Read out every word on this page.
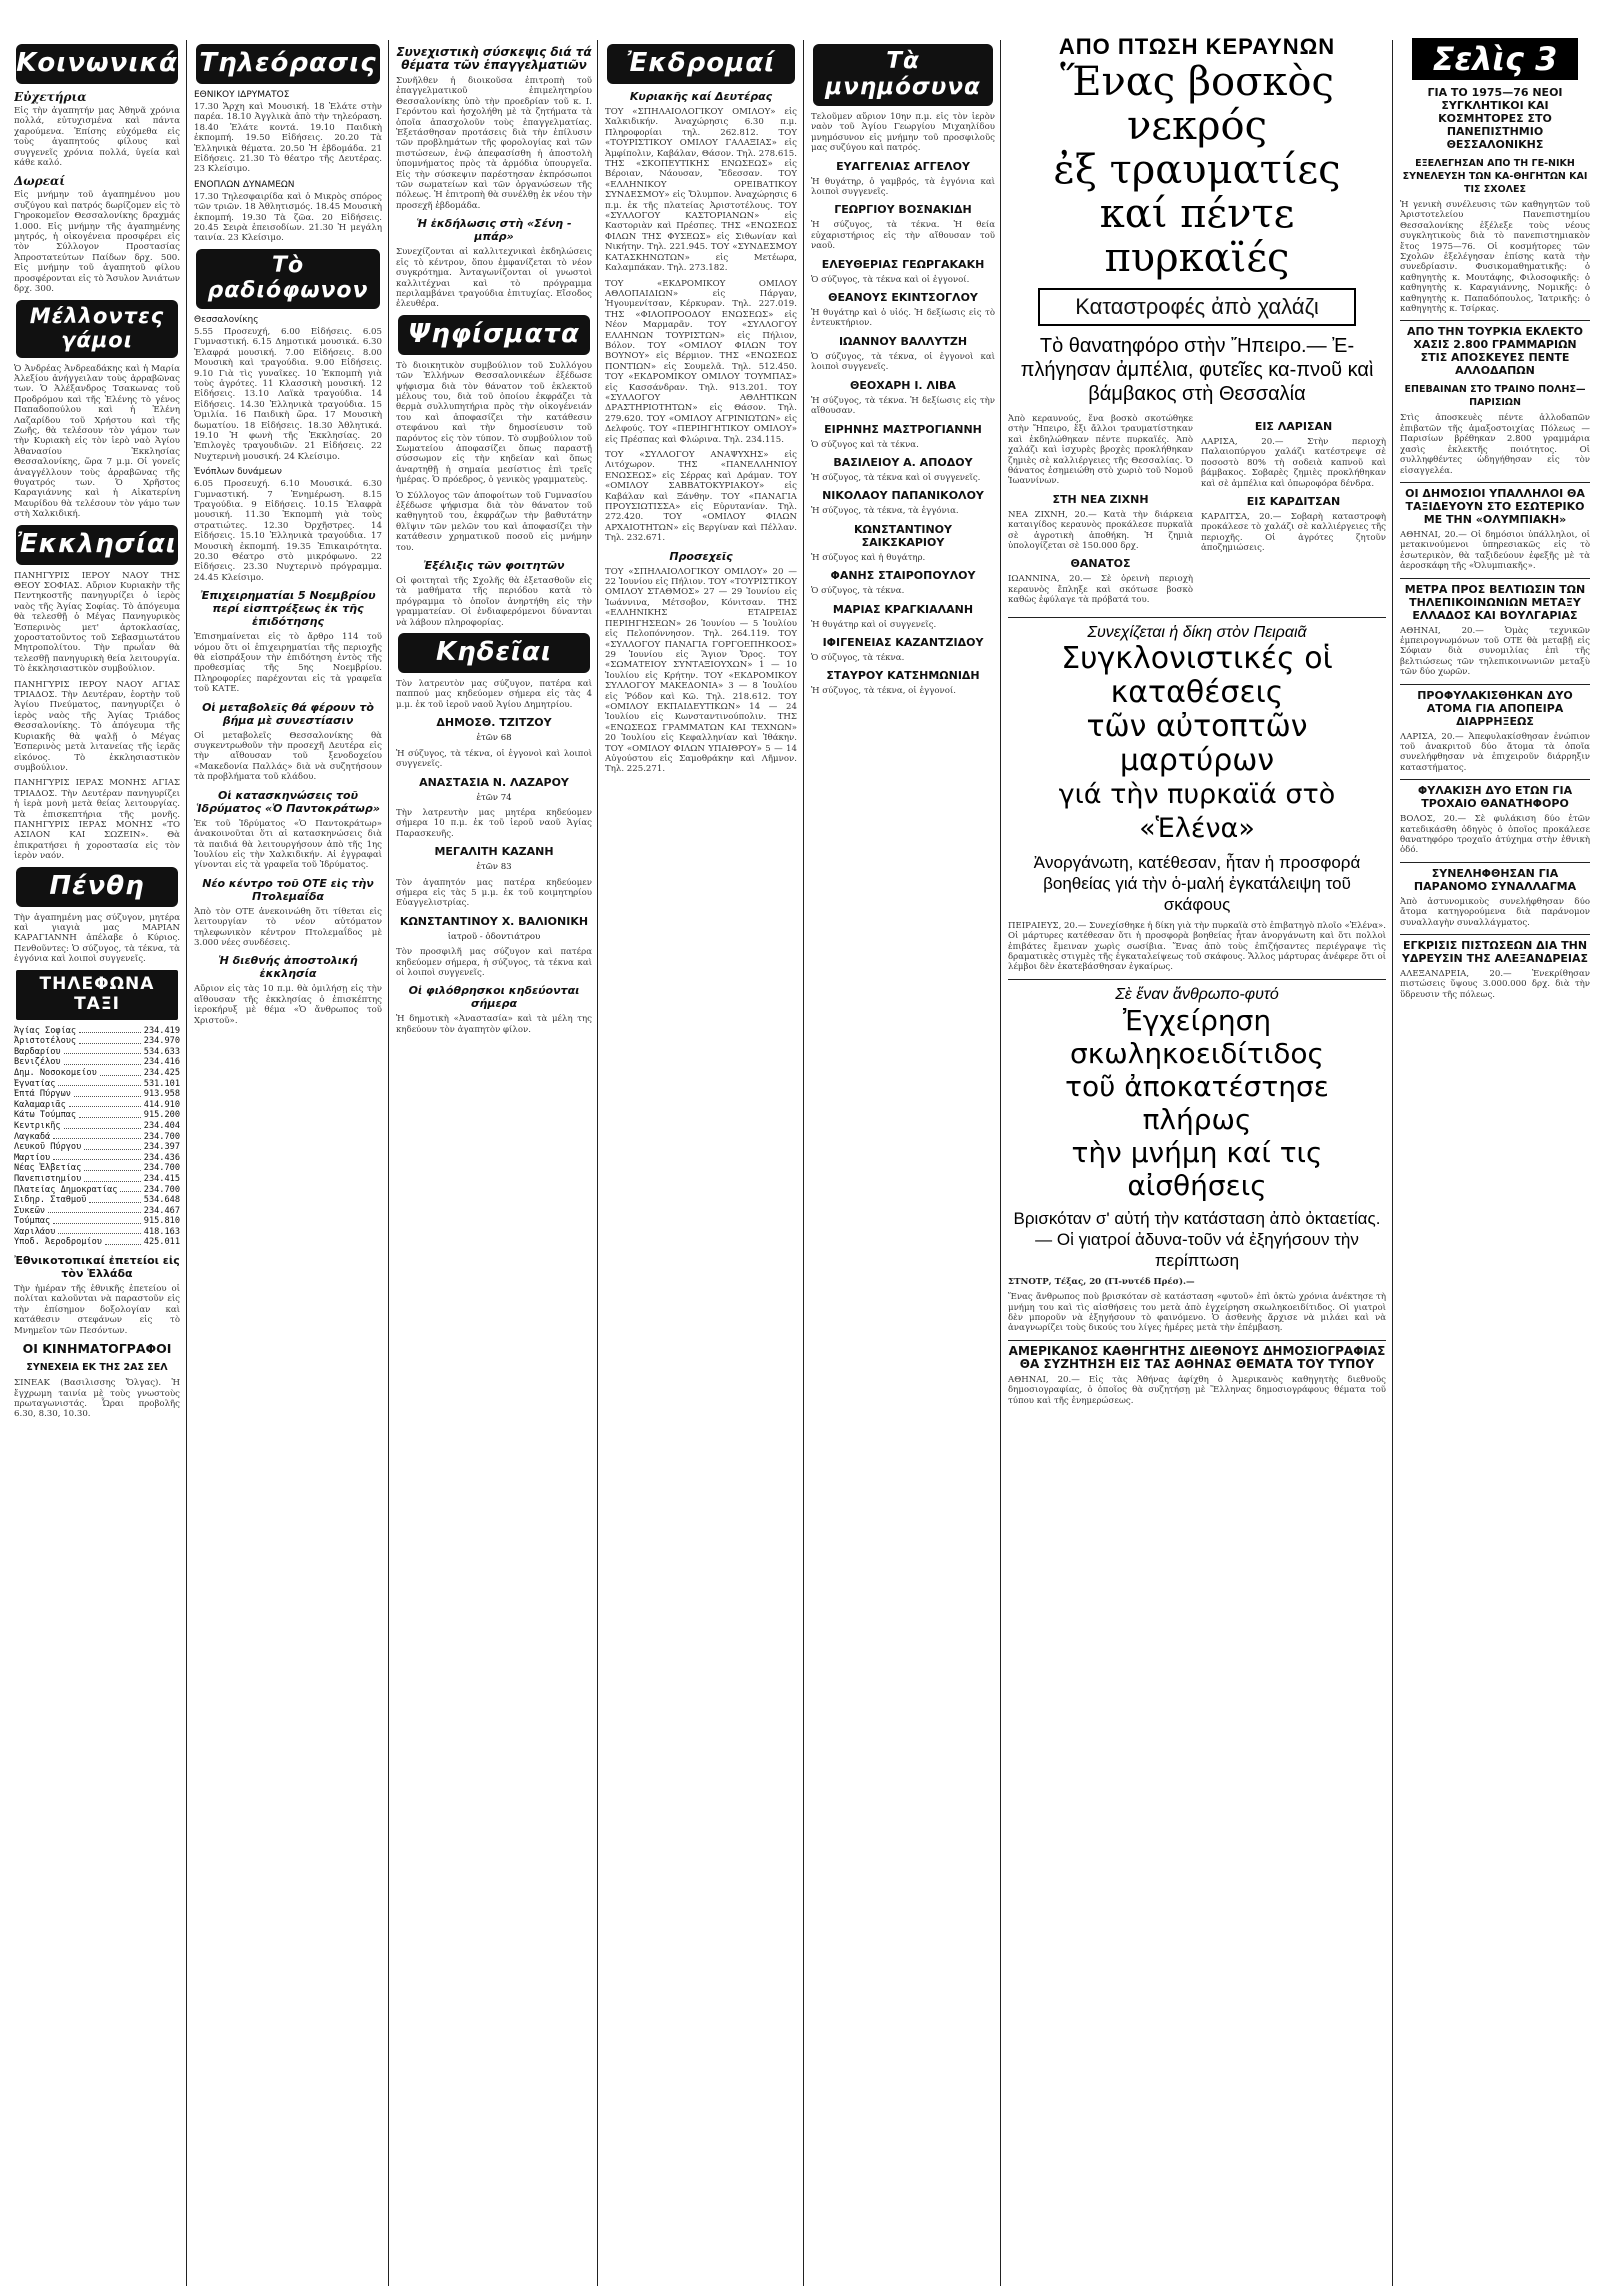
Κοινωνικά
Εὐχετήρια

Εἰς τὴν ἀγαπητήν μας Ἀθηνᾶ χρόνια πολλά, εὐτυχισμένα καὶ πάντα χαρούμενα. Ἐπίσης εὐχόμεθα εἰς τοὺς ἀγαπητούς φίλους καὶ συγγενεῖς χρόνια πολλά, ὑγεία καὶ κάθε καλό.

Δωρεαί

Εἰς μνήμην τοῦ ἀγαπημένου μου συζύγου καὶ πατρός δωρίζομεν εἰς τὸ Γηροκομεῖον Θεσσαλονίκης δραχμάς 1.000. Εἰς μνήμην τῆς ἀγαπημένης μητρός, ἡ οἰκογένεια προσφέρει εἰς τὸν Σύλλογον Προστασίας Ἀπροστατεύτων Παίδων δρχ. 500. Εἰς μνήμην τοῦ ἀγαπητοῦ φίλου προσφέρονται εἰς τὸ Ἄσυλον Ἀνιάτων δρχ. 300.

Μέλλοντες γάμοι

Ὁ Ἀνδρέας Ἀνδρεαδάκης καὶ ἡ Μαρία Ἀλεξίου ἀνήγγειλαν τοὺς ἀρραβῶνας των. Ὁ Ἀλέξανδρος Τσακωνας τοῦ Προδρόμου καὶ τῆς Ἑλένης τὸ γένος Παπαδοπούλου καὶ ἡ Ἑλένη Λαζαρίδου τοῦ Χρήστου καὶ τῆς Ζωῆς, θὰ τελέσουν τὸν γάμον των τὴν Κυριακὴ εἰς τὸν ἱερὸ ναὸ Ἁγίου Ἀθανασίου Ἐκκλησίας Θεσσαλονίκης, ὥρα 7 μ.μ. Οἱ γονεῖς ἀναγγέλλουν τοὺς ἀρραβῶνας τῆς θυγατρός των. Ὁ Χρῆστος Καραγιάννης καὶ ἡ Αἰκατερίνη Μαυρίδου θὰ τελέσουν τὸν γάμο των στὴ Χαλκιδική.

Ἐκκλησίαι

ΠΑΝΗΓΥΡΙΣ ΙΕΡΟΥ ΝΑΟΥ ΤΗΣ ΘΕΟΥ ΣΟΦΙΑΣ. Αὔριον Κυριακὴν τῆς Πεντηκοστῆς πανηγυρίζει ὁ ἱερὸς ναὸς τῆς Ἁγίας Σοφίας. Τὸ ἀπόγευμα θὰ τελεσθῇ ὁ Μέγας Πανηγυρικὸς Ἑσπερινὸς μετ' ἀρτοκλασίας, χοροστατοῦντος τοῦ Σεβασμιωτάτου Μητροπολίτου. Τὴν πρωΐαν θὰ τελεσθῇ πανηγυρικὴ θεία λειτουργία. Τὸ ἐκκλησιαστικὸν συμβούλιον.

ΠΑΝΗΓΥΡΙΣ ΙΕΡΟΥ ΝΑΟΥ ΑΓΙΑΣ ΤΡΙΑΔΟΣ. Τὴν Δευτέραν, ἑορτὴν τοῦ Ἁγίου Πνεύματος, πανηγυρίζει ὁ ἱερὸς ναὸς τῆς Ἁγίας Τριάδος Θεσσαλονίκης. Τὸ ἀπόγευμα τῆς Κυριακῆς θὰ ψαλῇ ὁ Μέγας Ἑσπερινὸς μετὰ λιτανείας τῆς ἱερᾶς εἰκόνος. Τὸ ἐκκλησιαστικὸν συμβούλιον.

ΠΑΝΗΓΥΡΙΣ ΙΕΡΑΣ ΜΟΝΗΣ ΑΓΙΑΣ ΤΡΙΑΔΟΣ. Τὴν Δευτέραν πανηγυρίζει ἡ ἱερὰ μονὴ μετὰ θείας λειτουργίας. Τὰ ἐπισκεπτήρια τῆς μονῆς. ΠΑΝΗΓΥΡΙΣ ΙΕΡΑΣ ΜΟΝΗΣ «ΤΟ ΑΣΙΛΟΝ ΚΑΙ ΣΩΖΕΙΝ». Θὰ ἐπικρατήσει ἡ χοροστασία εἰς τὸν ἱερὸν ναόν.

Πένθη

Τὴν ἀγαπημένη μας σύζυγον, μητέρα καὶ γιαγιὰ μας ΜΑΡΙΑΝ ΚΑΡΑΓΙΑΝΝΗ ἀπέλαβε ὁ Κύριος. Πενθοῦντες: Ὁ σύζυγος, τὰ τέκνα, τὰ ἐγγόνια καὶ λοιποὶ συγγενεῖς.

ΤΗΛΕΦΩΝΑ ΤΑΞΙ
Ἁγίας Σοφίας	234.419
Ἀριστοτέλους	234.970
Βαρδαρίου	534.633
Βενιζέλου	234.416
Δημ. Νοσοκομείου	234.425
Ἐγνατίας	531.101
Ἑπτά Πύργων	913.958
Καλαμαριᾶς	414.910
Κάτω Τούμπας	915.200
Κεντρικῆς	234.404
Λαγκαδά	234.700
Λευκοῦ Πύργου	234.397
Μαρτίου	234.436
Νέας Ἐλβετίας	234.700
Πανεπιστημίου	234.415
Πλατείας Δημοκρατίας	234.700
Σιδηρ. Σταθμοῦ	534.648
Συκεῶν	234.467
Τούμπας	915.810
Χαριλάου	418.163
Ὑποδ. Ἀεροδρομίου	425.011
Ἐθνικοτοπικαί ἐπετείοι εἰς τὸν Ἑλλάδα

Τὴν ἡμέραν τῆς ἐθνικῆς ἐπετείου οἱ πολίται καλοῦνται νὰ παραστοῦν εἰς τὴν ἐπίσημον δοξολογίαν καὶ κατάθεσιν στεφάνων εἰς τὸ Μνημεῖον τῶν Πεσόντων.

ΟΙ ΚΙΝΗΜΑΤΟΓΡΑΦΟΙ
ΣΥΝΕΧΕΙΑ ΕΚ ΤΗΣ 2ΑΣ ΣΕΛ

ΣΙΝΕΑΚ (Βασιλισσης Ὄλγας). Ἡ ἔγχρωμη ταινία μὲ τοὺς γνωστοὺς πρωταγωνιστάς. Ὧραι προβολῆς 6.30, 8.30, 10.30.

Τηλεόρασις
ΕΘΝΙΚΟΥ ΙΔΡΥΜΑΤΟΣ

17.30 Ἄρχη καὶ Μουσική. 18 Ἐλάτε στὴν παρέα. 18.10 Ἀγγλικὰ ἀπὸ τὴν τηλεόραση. 18.40 Ἐλάτε κοντά. 19.10 Παιδικὴ ἐκπομπή. 19.50 Εἰδήσεις. 20.20 Τὰ Ἑλληνικὰ θέματα. 20.50 Ἡ ἐβδομάδα. 21 Εἰδήσεις. 21.30 Τὸ θέατρο τῆς Δευτέρας. 23 Κλείσιμο.

ΕΝΟΠΛΩΝ ΔΥΝΑΜΕΩΝ

17.30 Τηλεσφαιρίδα καὶ ὁ Μικρὸς σπόρος τῶν τριῶν. 18 Ἀθλητισμός. 18.45 Μουσικὴ ἐκπομπή. 19.30 Τὰ ζῶα. 20 Εἰδήσεις. 20.45 Σειρὰ ἐπεισοδίων. 21.30 Ἡ μεγάλη ταινία. 23 Κλείσιμο.

Τὸ ραδιόφωνον
Θεσσαλονίκης

5.55 Προσευχή, 6.00 Εἰδήσεις. 6.05 Γυμναστική. 6.15 Δημοτικά μουσικά. 6.30 Ἐλαφρά μουσική. 7.00 Εἰδήσεις. 8.00 Μουσικὴ καὶ τραγούδια. 9.00 Εἰδήσεις. 9.10 Γιὰ τὶς γυναῖκες. 10 Ἐκπομπὴ γιὰ τοὺς ἀγρότες. 11 Κλασσικὴ μουσική. 12 Εἰδήσεις. 13.10 Λαϊκὰ τραγούδια. 14 Εἰδήσεις. 14.30 Ἐλληνικὰ τραγούδια. 15 Ὁμιλία. 16 Παιδικὴ ὥρα. 17 Μουσικὴ δωματίου. 18 Εἰδήσεις. 18.30 Ἀθλητικά. 19.10 Ἡ φωνὴ τῆς Ἐκκλησίας. 20 Ἐπιλογὲς τραγουδιῶν. 21 Εἰδήσεις. 22 Νυχτερινὴ μουσική. 24 Κλείσιμο.

Ἐνόπλων δυνάμεων

6.05 Προσευχή. 6.10 Μουσικά. 6.30 Γυμναστική. 7 Ἐνημέρωση. 8.15 Τραγούδια. 9 Εἰδήσεις. 10.15 Ἐλαφρὰ μουσική. 11.30 Ἐκπομπὴ γιὰ τοὺς στρατιώτες. 12.30 Ὀρχῆστρες. 14 Εἰδήσεις. 15.10 Ἐλληνικὰ τραγούδια. 17 Μουσικὴ ἐκπομπή. 19.35 Ἐπικαιρότητα. 20.30 Θέατρο στὸ μικρόφωνο. 22 Εἰδήσεις. 23.30 Νυχτερινὸ πρόγραμμα. 24.45 Κλείσιμο.

Ἐπιχειρηματίαι 5 Νοεμβρίου περί εἰσπτρέξεως ἐκ τῆς ἐπιδότησης

Ἐπισημαίνεται εἰς τὸ ἄρθρο 114 τοῦ νόμου ὅτι οἱ ἐπιχειρηματίαι τῆς περιοχῆς θὰ εἰσπράξουν τὴν ἐπιδότηση ἐντὸς τῆς προθεσμίας τῆς 5ης Νοεμβρίου. Πληροφορίες παρέχονται εἰς τὰ γραφεῖα τοῦ ΚΑΤΕ.

Οἱ μεταβολεῖς θά φέρουν τὸ βήμα μὲ συνεστίασιν

Οἱ μεταβολεῖς Θεσσαλονίκης θὰ συγκεντρωθοῦν τὴν προσεχῆ Δευτέρα εἰς τὴν αἴθουσαν τοῦ ξενοδοχείου «Μακεδονία Παλλάς» διὰ νὰ συζητήσουν τὰ προβλήματα τοῦ κλάδου.

Οἱ κατασκηνώσεις τοῦ Ἱδρύματος «Ὁ Παντοκράτωρ»

Ἐκ τοῦ Ἱδρύματος «Ὁ Παντοκράτωρ» ἀνακοινοῦται ὅτι αἱ κατασκηνώσεις διὰ τὰ παιδιά θὰ λειτουργήσουν ἀπὸ τῆς 1ης Ἰουλίου εἰς τὴν Χαλκιδικήν. Αἱ ἐγγραφαὶ γίνονται εἰς τὰ γραφεῖα τοῦ Ἱδρύματος.

Νέο κέντρο τοῦ ΟΤΕ εἰς τὴν Πτολεμαΐδα

Ἀπὸ τὸν ΟΤΕ ἀνεκοινώθη ὅτι τίθεται εἰς λειτουργίαν τὸ νέον αὐτόματον τηλεφωνικὸν κέντρον Πτολεμαΐδος μὲ 3.000 νέες συνδέσεις.

Ἡ διεθνής ἀποστολική ἐκκλησία

Αὔριον εἰς τὰς 10 π.μ. θὰ ὁμιλήσῃ εἰς τὴν αἴθουσαν τῆς ἐκκλησίας ὁ ἐπισκέπτης ἱεροκήρυξ μὲ θέμα «Ὁ ἄνθρωπος τοῦ Χριστοῦ».

Συνεχιστικὴ σύσκεψις διά τά θέματα τῶν ἐπαγγελματιῶν

Συνῆλθεν ἡ διοικοῦσα ἐπιτροπὴ τοῦ ἐπαγγελματικοῦ ἐπιμελητηρίου Θεσσαλονίκης ὑπὸ τὴν προεδρίαν τοῦ κ. Ι. Γερόντου καὶ ἠσχολήθη μὲ τὰ ζητήματα τὰ ὁποῖα ἀπασχολοῦν τοὺς ἐπαγγελματίας. Ἐξετάσθησαν προτάσεις διὰ τὴν ἐπίλυσιν τῶν προβλημάτων τῆς φορολογίας καὶ τῶν πιστώσεων, ἐνῷ ἀπεφασίσθη ἡ ἀποστολὴ ὑπομνήματος πρὸς τὰ ἁρμόδια ὑπουργεῖα. Εἰς τὴν σύσκεψιν παρέστησαν ἐκπρόσωποι τῶν σωματείων καὶ τῶν ὀργανώσεων τῆς πόλεως. Ἡ ἐπιτροπὴ θὰ συνέλθῃ ἐκ νέου τὴν προσεχῆ ἑβδομάδα.

Ἡ ἐκδήλωσις στὴ «Σένη - μπάρ»

Συνεχίζονται αἱ καλλιτεχνικαὶ ἐκδηλώσεις εἰς τὸ κέντρον, ὅπου ἐμφανίζεται τὸ νέον συγκρότημα. Ἀνταγωνίζονται οἱ γνωστοὶ καλλιτέχναι καὶ τὸ πρόγραμμα περιλαμβάνει τραγούδια ἐπιτυχίας. Εἴσοδος ἐλευθέρα.

Ψηφίσματα

Τὸ διοικητικὸν συμβούλιον τοῦ Συλλόγου τῶν Ἑλλήνων Θεσσαλονικέων ἐξέδωσε ψήφισμα διὰ τὸν θάνατον τοῦ ἐκλεκτοῦ μέλους του, διὰ τοῦ ὁποίου ἐκφράζει τὰ θερμὰ συλλυπητήρια πρὸς τὴν οἰκογένειάν του καὶ ἀποφασίζει τὴν κατάθεσιν στεφάνου καὶ τὴν δημοσίευσιν τοῦ παρόντος εἰς τὸν τύπον. Τὸ συμβούλιον τοῦ Σωματείου ἀποφασίζει ὅπως παραστῇ σύσσωμον εἰς τὴν κηδείαν καὶ ὅπως ἀναρτηθῇ ἡ σημαία μεσίστιος ἐπὶ τρεῖς ἡμέρας. Ὁ πρόεδρος, ὁ γενικὸς γραμματεὺς.

Ὁ Σύλλογος τῶν ἀποφοίτων τοῦ Γυμνασίου ἐξέδωσε ψήφισμα διὰ τὸν θάνατον τοῦ καθηγητοῦ του, ἐκφράζων τὴν βαθυτάτην θλῖψιν τῶν μελῶν του καὶ ἀποφασίζει τὴν κατάθεσιν χρηματικοῦ ποσοῦ εἰς μνήμην του.

Ἐξέλιξις τῶν φοιτητῶν

Οἱ φοιτηταὶ τῆς Σχολῆς θὰ ἐξετασθοῦν εἰς τὰ μαθήματα τῆς περιόδου κατὰ τὸ πρόγραμμα τὸ ὁποῖον ἀνηρτήθη εἰς τὴν γραμματείαν. Οἱ ἐνδιαφερόμενοι δύνανται νὰ λάβουν πληροφορίας.

Κηδεῖαι

Τὸν λατρευτὸν μας σύζυγον, πατέρα καὶ παππού μας κηδεύομεν σήμερα εἰς τὰς 4 μ.μ. ἐκ τοῦ ἱεροῦ ναοῦ Ἁγίου Δημητρίου.

ΔΗΜΟΣΘ. ΤΖΙΤΖΟΥ
ἐτῶν 68

Ἡ σύζυγος, τὰ τέκνα, οἱ ἐγγονοὶ καὶ λοιποὶ συγγενεῖς.

ΑΝΑΣΤΑΣΙΑ Ν. ΛΑΖΑΡΟΥ
ἐτῶν 74

Τὴν λατρευτὴν μας μητέρα κηδεύομεν σήμερα 10 π.μ. ἐκ τοῦ ἱεροῦ ναοῦ Ἁγίας Παρασκευῆς.

ΜΕΓΑΛΙΤΗ ΚΑΖΑΝΗ
ἐτῶν 83

Τὸν ἀγαπητόν μας πατέρα κηδεύομεν σήμερα εἰς τὰς 5 μ.μ. ἐκ τοῦ κοιμητηρίου Εὐαγγελιστρίας.

ΚΩΝΣΤΑΝΤΙΝΟΥ Χ. ΒΑΛΙΟΝΙΚΗ
ἰατροῦ - ὀδοντιάτρου

Τὸν προσφιλῆ μας σύζυγον καὶ πατέρα κηδεύομεν σήμερα, ἡ σύζυγος, τὰ τέκνα καὶ οἱ λοιποὶ συγγενεῖς.

Οἱ φιλόθρησκοι κηδεύονται σήμερα

Ἡ δημοτικὴ «Ἀναστασία» καὶ τὰ μέλη της κηδεύουν τὸν ἀγαπητὸν φίλον.

Ἐκδρομαί
Κυριακῆς καί Δευτέρας

ΤΟΥ «ΣΠΗΛΑΙΟΛΟΓΙΚΟΥ ΟΜΙΛΟΥ» εἰς Χαλκιδικήν. Ἀναχώρησις 6.30 π.μ. Πληροφορίαι τηλ. 262.812. ΤΟΥ «ΤΟΥΡΙΣΤΙΚΟΥ ΟΜΙΛΟΥ ΓΑΛΑΞΙΑΣ» εἰς Ἀμφίπολιν, Καβάλαν, Θάσον. Τηλ. 278.615. ΤΗΣ «ΣΚΟΠΕΥΤΙΚΗΣ ΕΝΩΣΕΩΣ» εἰς Βέροιαν, Νάουσαν, Ἔδεσσαν. ΤΟΥ «ΕΛΛΗΝΙΚΟΥ ΟΡΕΙΒΑΤΙΚΟΥ ΣΥΝΔΕΣΜΟΥ» εἰς Ὄλυμπον. Ἀναχώρησις 6 π.μ. ἐκ τῆς πλατείας Ἀριστοτέλους. ΤΟΥ «ΣΥΛΛΟΓΟΥ ΚΑΣΤΟΡΙΑΝΩΝ» εἰς Καστοριὰν καὶ Πρέσπες. ΤΗΣ «ΕΝΩΣΕΩΣ ΦΙΛΩΝ ΤΗΣ ΦΥΣΕΩΣ» εἰς Σιθωνίαν καὶ Νικήτην. Τηλ. 221.945. ΤΟΥ «ΣΥΝΔΕΣΜΟΥ ΚΑΤΑΣΚΗΝΩΤΩΝ» εἰς Μετέωρα, Καλαμπάκαν. Τηλ. 273.182.

ΤΟΥ «ΕΚΔΡΟΜΙΚΟΥ ΟΜΙΛΟΥ ΑΘΛΟΠΑΙΔΙΩΝ» εἰς Πάργαν, Ἠγουμενίτσαν, Κέρκυραν. Τηλ. 227.019. ΤΗΣ «ΦΙΛΟΠΡΟΟΔΟΥ ΕΝΩΣΕΩΣ» εἰς Νέον Μαρμαρᾶν. ΤΟΥ «ΣΥΛΛΟΓΟΥ ΕΛΛΗΝΩΝ ΤΟΥΡΙΣΤΩΝ» εἰς Πήλιον, Βόλον. ΤΟΥ «ΟΜΙΛΟΥ ΦΙΛΩΝ ΤΟΥ ΒΟΥΝΟΥ» εἰς Βέρμιον. ΤΗΣ «ΕΝΩΣΕΩΣ ΠΟΝΤΙΩΝ» εἰς Σουμελᾶ. Τηλ. 512.450. ΤΟΥ «ΕΚΔΡΟΜΙΚΟΥ ΟΜΙΛΟΥ ΤΟΥΜΠΑΣ» εἰς Κασσάνδραν. Τηλ. 913.201. ΤΟΥ «ΣΥΛΛΟΓΟΥ ΑΘΛΗΤΙΚΩΝ ΔΡΑΣΤΗΡΙΟΤΗΤΩΝ» εἰς Θάσον. Τηλ. 279.620. ΤΟΥ «ΟΜΙΛΟΥ ΑΓΡΙΝΙΩΤΩΝ» εἰς Δελφούς. ΤΟΥ «ΠΕΡΙΗΓΗΤΙΚΟΥ ΟΜΙΛΟΥ» εἰς Πρέσπας καὶ Φλώρινα. Τηλ. 234.115.

ΤΟΥ «ΣΥΛΛΟΓΟΥ ΑΝΑΨΥΧΗΣ» εἰς Λιτόχωρον. ΤΗΣ «ΠΑΝΕΛΛΗΝΙΟΥ ΕΝΩΣΕΩΣ» εἰς Σέρρας καὶ Δράμαν. ΤΟΥ «ΟΜΙΛΟΥ ΣΑΒΒΑΤΟΚΥΡΙΑΚΟΥ» εἰς Καβάλαν καὶ Ξάνθην. ΤΟΥ «ΠΑΝΑΓΙΑ ΠΡΟΥΣΙΩΤΙΣΣΑ» εἰς Εὐρυτανίαν. Τηλ. 272.420. ΤΟΥ «ΟΜΙΛΟΥ ΦΙΛΩΝ ΑΡΧΑΙΟΤΗΤΩΝ» εἰς Βεργίναν καὶ Πέλλαν. Τηλ. 232.671.

Προσεχεῖς

ΤΟΥ «ΣΠΗΛΑΙΟΛΟΓΙΚΟΥ ΟΜΙΛΟΥ» 20 — 22 Ἰουνίου εἰς Πήλιον. ΤΟΥ «ΤΟΥΡΙΣΤΙΚΟΥ ΟΜΙΛΟΥ ΣΤΑΘΜΟΣ» 27 — 29 Ἰουνίου εἰς Ἰωάννινα, Μέτσοβον, Κόνιτσαν. ΤΗΣ «ΕΛΛΗΝΙΚΗΣ ΕΤΑΙΡΕΙΑΣ ΠΕΡΙΗΓΗΣΕΩΝ» 26 Ἰουνίου — 5 Ἰουλίου εἰς Πελοπόννησον. Τηλ. 264.119. ΤΟΥ «ΣΥΛΛΟΓΟΥ ΠΑΝΑΓΙΑ ΓΟΡΓΟΕΠΗΚΟΟΣ» 29 Ἰουνίου εἰς Ἅγιον Ὄρος. ΤΟΥ «ΣΩΜΑΤΕΙΟΥ ΣΥΝΤΑΞΙΟΥΧΩΝ» 1 — 10 Ἰουλίου εἰς Κρήτην. ΤΟΥ «ΕΚΔΡΟΜΙΚΟΥ ΣΥΛΛΟΓΟΥ ΜΑΚΕΔΟΝΙΑ» 3 — 8 Ἰουλίου εἰς Ῥόδον καὶ Κῶ. Τηλ. 218.612. ΤΟΥ «ΟΜΙΛΟΥ ΕΚΠΑΙΔΕΥΤΙΚΩΝ» 14 — 24 Ἰουλίου εἰς Κωνσταντινούπολιν. ΤΗΣ «ΕΝΩΣΕΩΣ ΓΡΑΜΜΑΤΩΝ ΚΑΙ ΤΕΧΝΩΝ» 20 Ἰουλίου εἰς Κεφαλληνίαν καὶ Ἰθάκην. ΤΟΥ «ΟΜΙΛΟΥ ΦΙΛΩΝ ΥΠΑΙΘΡΟΥ» 5 — 14 Αὐγούστου εἰς Σαμοθράκην καὶ Λῆμνον. Τηλ. 225.271.

Τὰ μνημόσυνα

Τελοῦμεν αὔριον 10ην π.μ. εἰς τὸν ἱερὸν ναὸν τοῦ Ἁγίου Γεωργίου Μιχαηλίδου μνημόσυνον εἰς μνήμην τοῦ προσφιλοῦς μας συζύγου καὶ πατρός.

ΕΥΑΓΓΕΛΙΑΣ ΑΓΓΕΛΟΥ

Ἡ θυγάτηρ, ὁ γαμβρός, τὰ ἐγγόνια καὶ λοιποὶ συγγενεῖς.

ΓΕΩΡΓΙΟΥ ΒΟΣΝΑΚΙΔΗ

Ἡ σύζυγος, τὰ τέκνα. Ἡ θεία εὐχαριστήριος εἰς τὴν αἴθουσαν τοῦ ναοῦ.

ΕΛΕΥΘΕΡΙΑΣ ΓΕΩΡΓΑΚΑΚΗ

Ὁ σύζυγος, τὰ τέκνα καὶ οἱ ἐγγονοί.

ΘΕΑΝΟΥΣ ΕΚΙΝΤΣΟΓΛΟΥ

Ἡ θυγάτηρ καὶ ὁ υἱός. Ἡ δεξίωσις εἰς τὸ ἐντευκτήριον.

ΙΩΑΝΝΟΥ ΒΑΛΛΥΤΖΗ

Ὁ σύζυγος, τὰ τέκνα, οἱ ἐγγονοὶ καὶ λοιποὶ συγγενεῖς.

ΘΕΟΧΑΡΗ Ι. ΛΙΒΑ

Ἡ σύζυγος, τὰ τέκνα. Ἡ δεξίωσις εἰς τὴν αἴθουσαν.

ΕΙΡΗΝΗΣ ΜΑΣΤΡΟΓΙΑΝΝΗ

Ὁ σύζυγος καὶ τὰ τέκνα.

ΒΑΣΙΛΕΙΟΥ Α. ΑΠΟΔΟΥ

Ἡ σύζυγος, τὰ τέκνα καὶ οἱ συγγενεῖς.

ΝΙΚΟΛΑΟΥ ΠΑΠΑΝΙΚΟΛΟΥ

Ἡ σύζυγος, τὰ τέκνα, τὰ ἐγγόνια.

ΚΩΝΣΤΑΝΤΙΝΟΥ ΣΑΙΚΣΚΑΡΙΟΥ

Ἡ σύζυγος καὶ ἡ θυγάτηρ.

ΦΑΝΗΣ ΣΤΑΙΡΟΠΟΥΛΟΥ

Ὁ σύζυγος, τὰ τέκνα.

ΜΑΡΙΑΣ ΚΡΑΓΚΙΑΛΑΝΗ

Ἡ θυγάτηρ καὶ οἱ συγγενεῖς.

ΙΦΙΓΕΝΕΙΑΣ ΚΑΖΑΝΤΖΙΔΟΥ

Ὁ σύζυγος, τὰ τέκνα.

ΣΤΑΥΡΟΥ ΚΑΤΣΗΜΩΝΙΔΗ

Ἡ σύζυγος, τὰ τέκνα, οἱ ἐγγονοί.

ΑΠΟ ΠΤΩΣΗ ΚΕΡΑΥΝΩΝ
Ἕνας βοσκὸς νεκρός
ἐξ τραυματίες
καί πέντε πυρκαϊές
Καταστροφές ἀπὸ χαλάζι
Τὸ θανατηφόρο στὴν Ἤπειρο.— Ἐ-πλήγησαν ἀμπέλια, φυτεῖες κα-πνοῦ καὶ βάμβακος στὴ Θεσσαλία

Ἀπὸ κεραυνούς, ἕνα βοσκὸ σκοτώθηκε στὴν Ἤπειρο, ἔξι ἄλλοι τραυματίστηκαν καὶ ἐκδηλώθηκαν πέντε πυρκαϊές. Ἀπὸ χαλάζι καὶ ἰσχυρὲς βροχὲς προκλήθηκαν ζημιὲς σὲ καλλιέργειες τῆς Θεσσαλίας. Ὁ θάνατος ἐσημειώθη στὸ χωριὸ τοῦ Νομοῦ Ἰωαννίνων.

ΣΤΗ ΝΕΑ ΖΙΧΝΗ

ΝΕΑ ΖΙΧΝΗ, 20.— Κατὰ τὴν διάρκεια καταιγίδος κεραυνὸς προκάλεσε πυρκαϊὰ σὲ ἀγροτικὴ ἀποθήκη. Ἡ ζημιὰ ὑπολογίζεται σὲ 150.000 δρχ.

ΘΑΝΑΤΟΣ

ΙΩΑΝΝΙΝΑ, 20.— Σὲ ὀρεινὴ περιοχὴ κεραυνὸς ἔπληξε καὶ σκότωσε βοσκὸ καθὼς ἐφύλαγε τὰ πρόβατά του.

ΕΙΣ ΛΑΡΙΣΑΝ

ΛΑΡΙΣΑ, 20.— Στὴν περιοχὴ Παλαιοπύργου χαλάζι κατέστρεψε σὲ ποσοστὸ 80% τὴ σοδειὰ καπνοῦ καὶ βάμβακος. Σοβαρὲς ζημιὲς προκλήθηκαν καὶ σὲ ἀμπέλια καὶ ὀπωροφόρα δένδρα.

ΕΙΣ ΚΑΡΔΙΤΣΑΝ

ΚΑΡΔΙΤΣΑ, 20.— Σοβαρὴ καταστροφὴ προκάλεσε τὸ χαλάζι σὲ καλλιέργειες τῆς περιοχῆς. Οἱ ἀγρότες ζητοῦν ἀποζημιώσεις.

Συνεχίζεται ἡ δίκη στὸν Πειραιᾶ
Συγκλονιστικές οἱ καταθέσεις
τῶν αὐτοπτῶν μαρτύρων
γιά τὴν πυρκαϊά στὸ «Ἑλένα»
Ἀνοργάνωτη, κατέθεσαν, ἦταν ἡ προσφορά βοηθείας γιά τὴν ὁ-μαλή ἐγκατάλειψη τοῦ σκάφους

ΠΕΙΡΑΙΕΥΣ, 20.— Συνεχίσθηκε ἡ δίκη γιὰ τὴν πυρκαϊὰ στὸ ἐπιβατηγὸ πλοῖο «Ἑλένα». Οἱ μάρτυρες κατέθεσαν ὅτι ἡ προσφορὰ βοηθείας ἦταν ἀνοργάνωτη καὶ ὅτι πολλοὶ ἐπιβάτες ἔμειναν χωρὶς σωσίβια. Ἕνας ἀπὸ τοὺς ἐπιζήσαντες περιέγραψε τὶς δραματικὲς στιγμὲς τῆς ἐγκαταλείψεως τοῦ σκάφους. Ἄλλος μάρτυρας ἀνέφερε ὅτι οἱ λέμβοι δὲν ἐκατεβάσθησαν ἐγκαίρως.

Σὲ ἕναν ἄνθρωπο-φυτό
Ἐγχείρηση σκωληκοειδίτιδος
τοῦ ἀποκατέστησε πλήρως
τὴν μνήμη καί τις αἰσθήσεις
Βρισκόταν σ' αὐτή τὴν κατάσταση ἀπὸ ὀκταετίας.— Οἱ γιατροί ἀδυνα-τοῦν νά ἐξηγήσουν τὴν περίπτωση

ΣΤΝΟΤΡ, Τέξας, 20 (ΓΙ-νυτέδ Πρέσ).—

Ἕνας ἄνθρωπος ποὺ βρισκόταν σὲ κατάσταση «φυτοῦ» ἐπὶ ὀκτὼ χρόνια ἀνέκτησε τὴ μνήμη του καὶ τὶς αἰσθήσεις του μετὰ ἀπὸ ἐγχείρηση σκωληκοειδίτιδος. Οἱ γιατροὶ δὲν μποροῦν νὰ ἐξηγήσουν τὸ φαινόμενο. Ὁ ἀσθενὴς ἄρχισε νὰ μιλάει καὶ νὰ ἀναγνωρίζει τοὺς δικούς του λίγες ἡμέρες μετὰ τὴν ἐπέμβαση.

ΑΜΕΡΙΚΑΝΟΣ ΚΑΘΗΓΗΤΗΣ ΔΙΕΘΝΟΥΣ ΔΗΜΟΣΙΟΓΡΑΦΙΑΣ ΘΑ ΣΥΖΗΤΗΣΗ ΕΙΣ ΤΑΣ ΑΘΗΝΑΣ ΘΕΜΑΤΑ ΤΟΥ ΤΥΠΟΥ

ΑΘΗΝΑΙ, 20.— Εἰς τὰς Ἀθήνας ἀφίχθη ὁ Ἀμερικανὸς καθηγητὴς διεθνοῦς δημοσιογραφίας, ὁ ὁποῖος θὰ συζητήσῃ μὲ Ἕλληνας δημοσιογράφους θέματα τοῦ τύπου καὶ τῆς ἐνημερώσεως.

Σελὶς 3
ΓΙΑ ΤΟ 1975—76 ΝΕΟΙ ΣΥΓΚΛΗΤΙΚΟΙ ΚΑΙ ΚΟΣΜΗΤΟΡΕΣ ΣΤΟ ΠΑΝΕΠΙΣΤΗΜΙΟ ΘΕΣΣΑΛΟΝΙΚΗΣ
ΕΞΕΛΕΓΗΣΑΝ ΑΠΟ ΤΗ ΓΕ-ΝΙΚΗ ΣΥΝΕΛΕΥΣΗ ΤΩΝ ΚΑ-ΘΗΓΗΤΩΝ ΚΑΙ ΤΙΣ ΣΧΟΛΕΣ

Ἡ γενικὴ συνέλευσις τῶν καθηγητῶν τοῦ Ἀριστοτελείου Πανεπιστημίου Θεσσαλονίκης ἐξέλεξε τοὺς νέους συγκλητικοὺς διὰ τὸ πανεπιστημιακὸν ἔτος 1975—76. Οἱ κοσμήτορες τῶν Σχολῶν ἐξελέγησαν ἐπίσης κατὰ τὴν συνεδρίασιν. Φυσικομαθηματικῆς: ὁ καθηγητὴς κ. Μουτάφης, Φιλοσοφικῆς: ὁ καθηγητὴς κ. Καραγιάννης, Νομικῆς: ὁ καθηγητὴς κ. Παπαδόπουλος, Ἰατρικῆς: ὁ καθηγητὴς κ. Τσίρκας.

ΑΠΟ ΤΗΝ ΤΟΥΡΚΙΑ ΕΚΛΕΚΤΟ ΧΑΣΙΣ 2.800 ΓΡΑΜΜΑΡΙΩΝ ΣΤΙΣ ΑΠΟΣΚΕΥΕΣ ΠΕΝΤΕ ΑΛΛΟΔΑΠΩΝ
ΕΠΕΒΑΙΝΑΝ ΣΤΟ ΤΡΑΙΝΟ ΠΟΛΗΣ—ΠΑΡΙΣΙΩΝ

Στὶς ἀποσκευὲς πέντε ἀλλοδαπῶν ἐπιβατῶν τῆς ἀμαξοστοιχίας Πόλεως — Παρισίων βρέθηκαν 2.800 γραμμάρια χασὶς ἐκλεκτῆς ποιότητος. Οἱ συλληφθέντες ὡδηγήθησαν εἰς τὸν εἰσαγγελέα.

ΟΙ ΔΗΜΟΣΙΟΙ ΥΠΑΛΛΗΛΟΙ ΘΑ ΤΑΞΙΔΕΥΟΥΝ ΣΤΟ ΕΣΩΤΕΡΙΚΟ ΜΕ ΤΗΝ «ΟΛΥΜΠΙΑΚΗ»

ΑΘΗΝΑΙ, 20.— Οἱ δημόσιοι ὑπάλληλοι, οἱ μετακινούμενοι ὑπηρεσιακῶς εἰς τὸ ἐσωτερικὸν, θὰ ταξιδεύουν ἐφεξῆς μὲ τὰ ἀεροσκάφη τῆς «Ὀλυμπιακῆς».

ΜΕΤΡΑ ΠΡΟΣ ΒΕΛΤΙΩΣΙΝ ΤΩΝ ΤΗΛΕΠΙΚΟΙΝΩΝΙΩΝ ΜΕΤΑΞΥ ΕΛΛΑΔΟΣ ΚΑΙ ΒΟΥΛΓΑΡΙΑΣ

ΑΘΗΝΑΙ, 20.— Ὁμὰς τεχνικῶν ἐμπειρογνωμόνων τοῦ ΟΤΕ θὰ μεταβῇ εἰς Σόφιαν διὰ συνομιλίας ἐπὶ τῆς βελτιώσεως τῶν τηλεπικοινωνιῶν μεταξὺ τῶν δύο χωρῶν.

ΠΡΟΦΥΛΑΚΙΣΘΗΚΑΝ ΔΥΟ ΑΤΟΜΑ ΓΙΑ ΑΠΟΠΕΙΡΑ ΔΙΑΡΡΗΞΕΩΣ

ΛΑΡΙΣΑ, 20.— Ἀπεφυλακίσθησαν ἐνώπιον τοῦ ἀνακριτοῦ δύο ἄτομα τὰ ὁποῖα συνελήφθησαν νὰ ἐπιχειροῦν διάρρηξιν καταστήματος.

ΦΥΛΑΚΙΣΗ ΔΥΟ ΕΤΩΝ ΓΙΑ ΤΡΟΧΑΙΟ ΘΑΝΑΤΗΦΟΡΟ

ΒΟΛΟΣ, 20.— Σὲ φυλάκιση δύο ἐτῶν κατεδικάσθη ὁδηγὸς ὁ ὁποῖος προκάλεσε θανατηφόρο τροχαῖο ἀτύχημα στὴν ἐθνικὴ ὁδό.

ΣΥΝΕΛΗΦΘΗΣΑΝ ΓΙΑ ΠΑΡΑΝΟΜΟ ΣΥΝΑΛΛΑΓΜΑ

Ἀπὸ ἀστυνομικοὺς συνελήφθησαν δύο ἄτομα κατηγορούμενα διὰ παράνομον συναλλαγὴν συναλλάγματος.

ΕΓΚΡΙΣΙΣ ΠΙΣΤΩΣΕΩΝ ΔΙΑ ΤΗΝ ΥΔΡΕΥΣΙΝ ΤΗΣ ΑΛΕΞΑΝΔΡΕΙΑΣ

ΑΛΕΞΑΝΔΡΕΙΑ, 20.— Ἐνεκρίθησαν πιστώσεις ὕψους 3.000.000 δρχ. διὰ τὴν ὕδρευσιν τῆς πόλεως.
